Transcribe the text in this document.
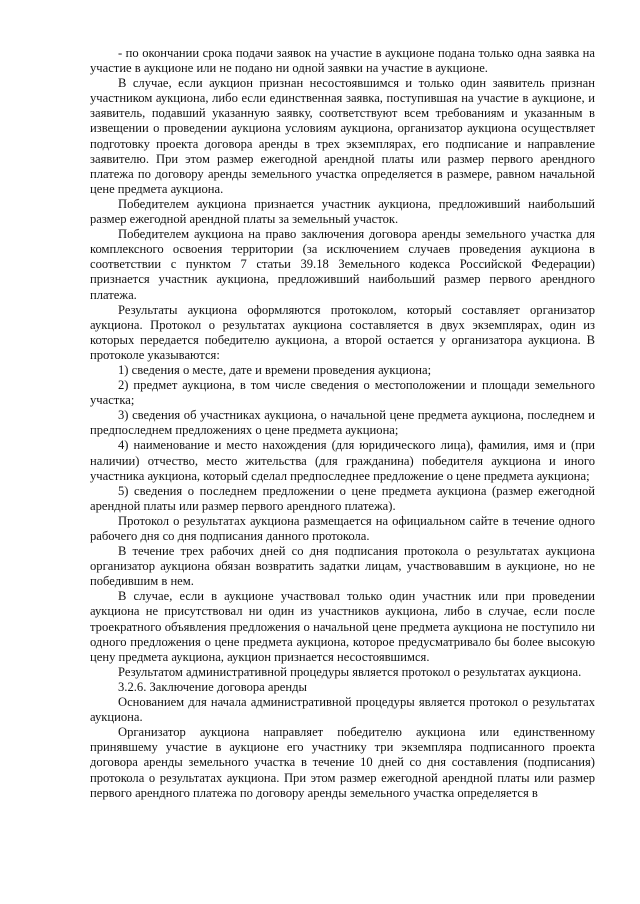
- по окончании срока подачи заявок на участие в аукционе подана только одна заявка на участие в аукционе или не подано ни одной заявки на участие в аукционе.

В случае, если аукцион признан несостоявшимся и только один заявитель признан участником аукциона, либо если единственная заявка, поступившая на участие в аукционе, и заявитель, подавший указанную заявку, соответствуют всем требованиям и указанным в извещении о проведении аукциона условиям аукциона, организатор аукциона осуществляет подготовку проекта договора аренды в трех экземплярах, его подписание и направление заявителю. При этом размер ежегодной арендной платы или размер первого арендного платежа по договору аренды земельного участка определяется в размере, равном начальной цене предмета аукциона.

Победителем аукциона признается участник аукциона, предложивший наибольший размер ежегодной арендной платы за земельный участок.

Победителем аукциона на право заключения договора аренды земельного участка для комплексного освоения территории (за исключением случаев проведения аукциона в соответствии с пунктом 7 статьи 39.18 Земельного кодекса Российской Федерации) признается участник аукциона, предложивший наибольший размер первого арендного платежа.

Результаты аукциона оформляются протоколом, который составляет организатор аукциона. Протокол о результатах аукциона составляется в двух экземплярах, один из которых передается победителю аукциона, а второй остается у организатора аукциона. В протоколе указываются:

1) сведения о месте, дате и времени проведения аукциона;

2) предмет аукциона, в том числе сведения о местоположении и площади земельного участка;

3) сведения об участниках аукциона, о начальной цене предмета аукциона, последнем и предпоследнем предложениях о цене предмета аукциона;

4) наименование и место нахождения (для юридического лица), фамилия, имя и (при наличии) отчество, место жительства (для гражданина) победителя аукциона и иного участника аукциона, который сделал предпоследнее предложение о цене предмета аукциона;

5) сведения о последнем предложении о цене предмета аукциона (размер ежегодной арендной платы или размер первого арендного платежа).

Протокол о результатах аукциона размещается на официальном сайте в течение одного рабочего дня со дня подписания данного протокола.

В течение трех рабочих дней со дня подписания протокола о результатах аукциона организатор аукциона обязан возвратить задатки лицам, участвовавшим в аукционе, но не победившим в нем.

В случае, если в аукционе участвовал только один участник или при проведении аукциона не присутствовал ни один из участников аукциона, либо в случае, если после троекратного объявления предложения о начальной цене предмета аукциона не поступило ни одного предложения о цене предмета аукциона, которое предусматривало бы более высокую цену предмета аукциона, аукцион признается несостоявшимся.

Результатом административной процедуры является протокол о результатах аукциона.

3.2.6. Заключение договора аренды

Основанием для начала административной процедуры является протокол о результатах аукциона.

Организатор аукциона направляет победителю аукциона или единственному принявшему участие в аукционе его участнику три экземпляра подписанного проекта договора аренды земельного участка в течение 10 дней со дня составления (подписания) протокола о результатах аукциона. При этом размер ежегодной арендной платы или размер первого арендного платежа по договору аренды земельного участка определяется в
